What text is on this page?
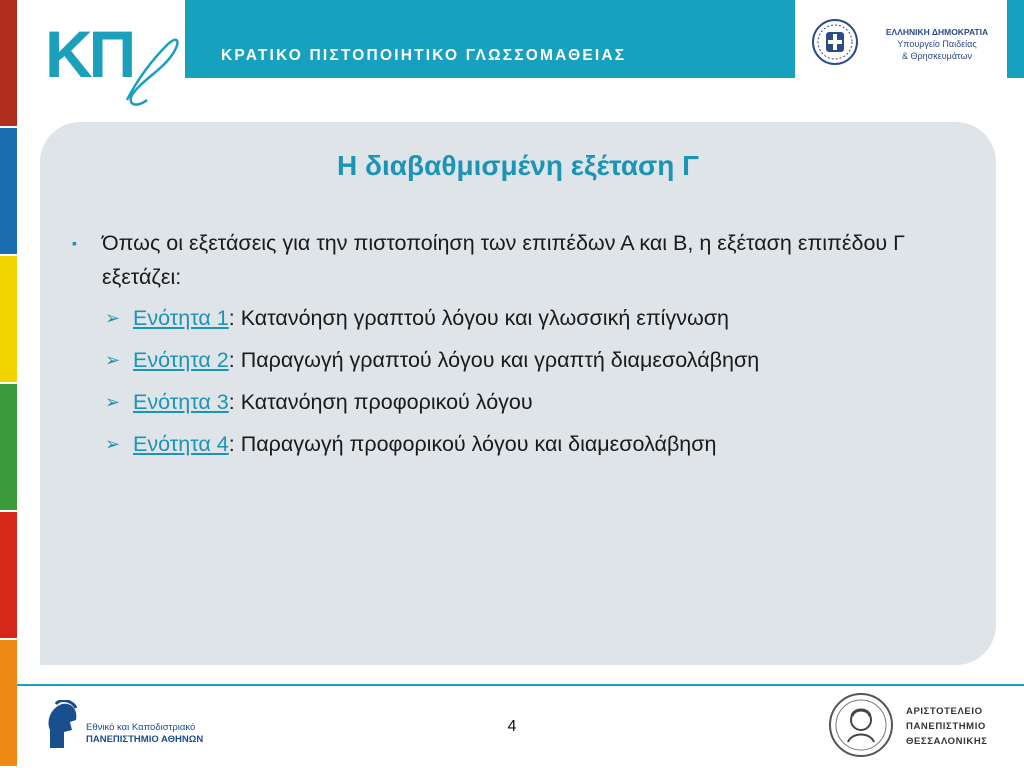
ΚΠ	ΚΡΑΤΙΚΟ ΠΙΣΤΟΠΟΙΗΤΙΚΟ ΓΛΩΣΣΟΜΑΘΕΙΑΣ
ΕΛΛΗΝΙΚΗ ΔΗΜΟΚΡΑΤΙΑ
Υπουργείο Παιδείας
& Θρησκευμάτων
Η διαβαθμισμένη εξέταση Γ
▪ Όπως οι εξετάσεις για την πιστοποίηση των επιπέδων Α και Β, η εξέταση επιπέδου Γ εξετάζει:
➢ Ενότητα 1: Κατανόηση γραπτού λόγου και γλωσσική επίγνωση
➢ Ενότητα 2: Παραγωγή γραπτού λόγου και γραπτή διαμεσολάβηση
➢ Ενότητα 3: Κατανόηση προφορικού λόγου
➢ Ενότητα 4: Παραγωγή προφορικού λόγου και διαμεσολάβηση
Εθνικό και Καποδιστριακό
ΠΑΝΕΠΙΣΤΗΜΙΟ ΑΘΗΝΩΝ
4
ΑΡΙΣΤΟΤΕΛΕΙΟ
ΠΑΝΕΠΙΣΤΗΜΙΟ
ΘΕΣΣΑΛΟΝΙΚΗΣ
